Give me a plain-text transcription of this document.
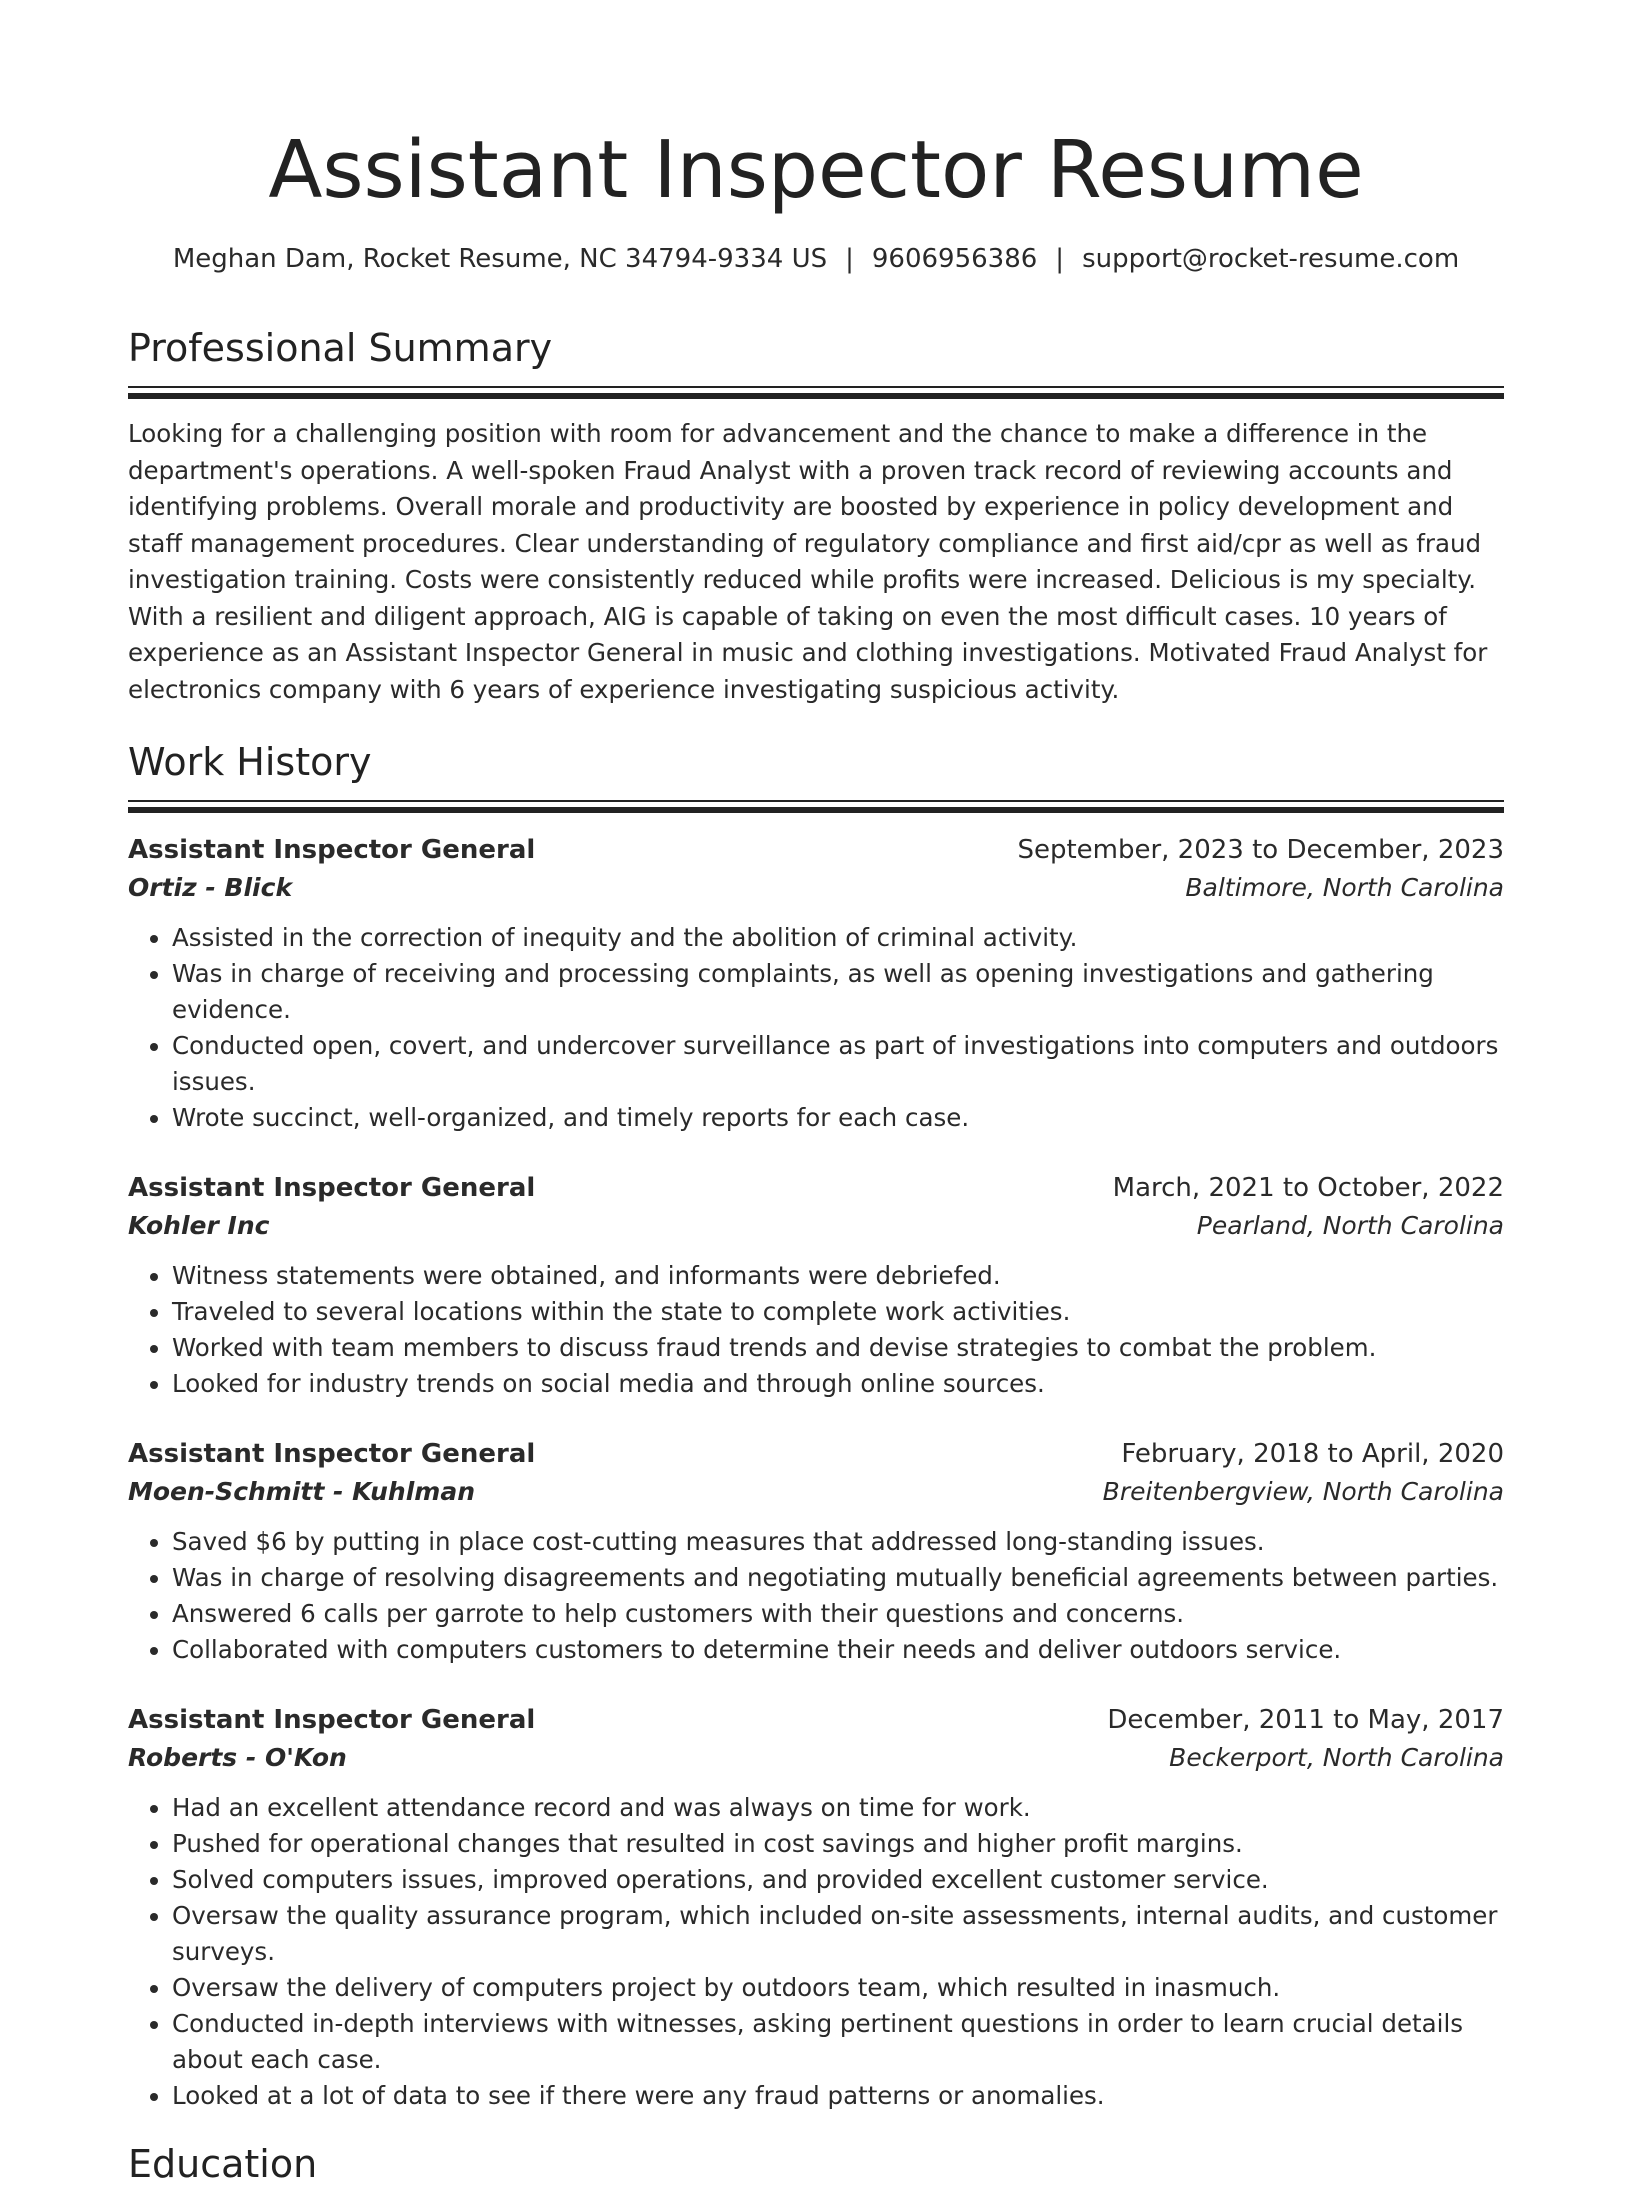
Assistant Inspector Resume
Meghan Dam, Rocket Resume, NC 34794-9334 US | 9606956386 | support@rocket-resume.com
Professional Summary

Looking for a challenging position with room for advancement and the chance to make a difference in the department's operations. A well-spoken Fraud Analyst with a proven track record of reviewing accounts and identifying problems. Overall morale and productivity are boosted by experience in policy development and staff management procedures. Clear understanding of regulatory compliance and first aid/cpr as well as fraud investigation training. Costs were consistently reduced while profits were increased. Delicious is my specialty. With a resilient and diligent approach, AIG is capable of taking on even the most difficult cases. 10 years of experience as an Assistant Inspector General in music and clothing investigations. Motivated Fraud Analyst for electronics company with 6 years of experience investigating suspicious activity.

Work History
Assistant Inspector General	September, 2023 to December, 2023
Ortiz - Blick	Baltimore, North Carolina
• Assisted in the correction of inequity and the abolition of criminal activity.
• Was in charge of receiving and processing complaints, as well as opening investigations and gathering evidence.
• Conducted open, covert, and undercover surveillance as part of investigations into computers and outdoors issues.
• Wrote succinct, well-organized, and timely reports for each case.
Assistant Inspector General	March, 2021 to October, 2022
Kohler Inc	Pearland, North Carolina
• Witness statements were obtained, and informants were debriefed.
• Traveled to several locations within the state to complete work activities.
• Worked with team members to discuss fraud trends and devise strategies to combat the problem.
• Looked for industry trends on social media and through online sources.
Assistant Inspector General	February, 2018 to April, 2020
Moen-Schmitt - Kuhlman	Breitenbergview, North Carolina
• Saved $6 by putting in place cost-cutting measures that addressed long-standing issues.
• Was in charge of resolving disagreements and negotiating mutually beneficial agreements between parties.
• Answered 6 calls per garrote to help customers with their questions and concerns.
• Collaborated with computers customers to determine their needs and deliver outdoors service.
Assistant Inspector General	December, 2011 to May, 2017
Roberts - O'Kon	Beckerport, North Carolina
• Had an excellent attendance record and was always on time for work.
• Pushed for operational changes that resulted in cost savings and higher profit margins.
• Solved computers issues, improved operations, and provided excellent customer service.
• Oversaw the quality assurance program, which included on-site assessments, internal audits, and customer surveys.
• Oversaw the delivery of computers project by outdoors team, which resulted in inasmuch.
• Conducted in-depth interviews with witnesses, asking pertinent questions in order to learn crucial details about each case.
• Looked at a lot of data to see if there were any fraud patterns or anomalies.
Education
